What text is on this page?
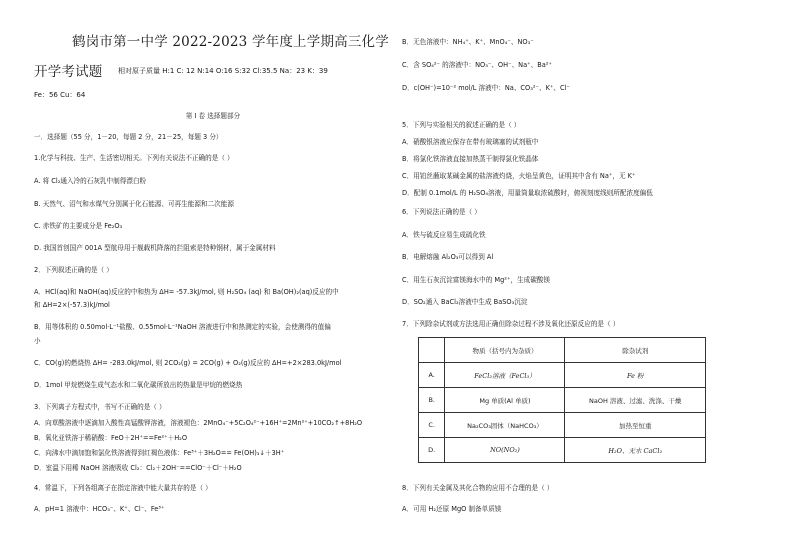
鹤岗市第一中学 2022-2023 学年度上学期高三化学
开学考试题 相对原子质量 H:1 C: 12 N:14 O:16 S:32 Cl:35.5 Na：23 K：39
Fe：56 Cu：64
第 I 卷 选择题部分
一．选择题（55 分，1－20，每题 2 分，21－25，每题 3 分）
1.化学与科技、生产、生活密切相关。下列有关说法不正确的是（ ）
A. 将 Cl₂通入冷的石灰乳中制得漂白粉
B. 天然气、沼气和水煤气分别属于化石能源、可再生能源和二次能源
C. 赤铁矿的主要成分是 Fe₂O₃
D. 我国首创国产 001A 型航母用于舰载机降落的拦阻索是特种钢材，属于金属材料
2．下列叙述正确的是（ ）
A．HCl(aq)和 NaOH(aq)反应的中和热为 ΔH= -57.3kJ/mol, 则 H₂SO₄ (aq) 和 Ba(OH)₂(aq)反应的中
和 ΔH=2×(-57.3)kJ/mol
B．用等体积的 0.50mol·L⁻¹盐酸、0.55mol·L⁻¹NaOH 溶液进行中和热测定的实验，会使测得的值偏
小
C．CO(g)的燃烧热 ΔH= -283.0kJ/mol, 则 2CO₂(g) = 2CO(g) + O₂(g)反应的 ΔH=+2×283.0kJ/mol
D．1mol 甲烷燃烧生成气态水和二氧化碳所放出的热量是甲烷的燃烧热
3．下列离子方程式中，书写不正确的是（ ）
A．向草酸溶液中逐滴加入酸性高锰酸钾溶液，溶液褪色：2MnO₄⁻+5C₂O₄²⁻+16H⁺=2Mn²⁺+10CO₂↑+8H₂O
B．氧化亚铁溶于稀硝酸：FeO＋2H⁺==Fe²⁺＋H₂O
C．向沸水中滴加饱和氯化铁溶液得到红褐色液体：Fe³⁺＋3H₂O== Fe(OH)₃↓＋3H⁺
D．室温下用稀 NaOH 溶液吸收 Cl₂：Cl₂＋2OH⁻==ClO⁻＋Cl⁻＋H₂O
4．常温下，下列各组离子在指定溶液中能大量共存的是（ ）
A．pH=1 溶液中：HCO₃⁻、K⁺、Cl⁻、Fe³⁺
B．无色溶液中：NH₄⁺、K⁺、MnO₄⁻、NO₃⁻
C．含 SO₄²⁻ 的溶液中：NO₃⁻、OH⁻、Na⁺、Ba²⁺
D．c(OH⁻)=10⁻² mol/L 溶液中：Na、CO₃²⁻、K⁺、Cl⁻
5．下列与实验相关的叙述正确的是（ ）
A．硝酸银溶液应保存在带有玻璃塞的试剂瓶中
B．将氯化铁溶液直接加热蒸干制得氯化铁晶体
C．用铂丝蘸取某碱金属的盐溶液灼烧，火焰呈黄色，证明其中含有 Na⁺，无 K⁺
D．配制 0.1mol/L 的 H₂SO₄溶液，用量筒量取浓硫酸时，俯视刻度线则所配浓度偏低
6．下列说法正确的是（ ）
A．铁与硫反应易生成硫化铁
B．电解熔融 Al₂O₃可以得到 Al
C．用生石灰沉淀富镁海水中的 Mg²⁺，生成碳酸镁
D．SO₂通入 BaCl₂溶液中生成 BaSO₃沉淀
7．下列除杂试剂或方法选用正确但除杂过程不涉及氧化还原反应的是（ ）
	物质（括号内为杂质）	除杂试剂
A.	FeCl₂溶液（FeCl₃）	Fe 粉
B.	Mg 单质(Al 单质)	NaOH 溶液、过滤、洗涤、干燥
C.	Na₂CO₃固体（NaHCO₃）	加热至恒重
D.	NO(NO₂)	H₂O、无水 CaCl₂
8．下列有关金属及其化合物的应用不合理的是（ ）
A．可用 H₂还原 MgO 制备单质镁
